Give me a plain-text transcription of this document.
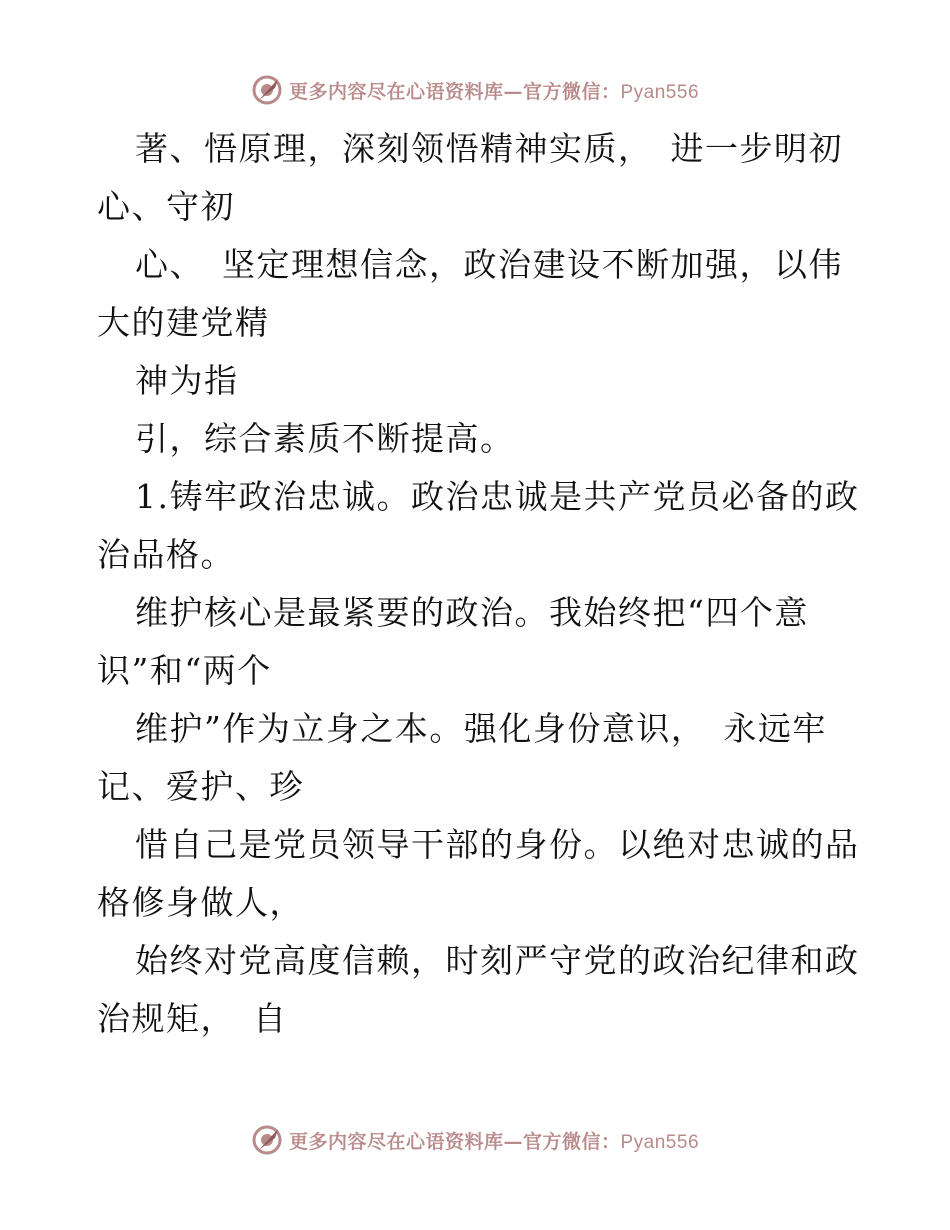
更多内容尽在心语资料库—官方微信：Pyan556
著、悟原理，深刻领悟精神实质，　进一步明初
心、守初
心、　坚定理想信念，政治建设不断加强，以伟
大的建党精
神为指
引，综合素质不断提高。
1.铸牢政治忠诚。政治忠诚是共产党员必备的政
治品格。
维护核心是最紧要的政治。我始终把“四个意
识”和“两个
维护”作为立身之本。强化身份意识，　永远牢
记、爱护、珍
惜自己是党员领导干部的身份。以绝对忠诚的品
格修身做人，
始终对党高度信赖，时刻严守党的政治纪律和政
治规矩，　自
更多内容尽在心语资料库—官方微信：Pyan556
